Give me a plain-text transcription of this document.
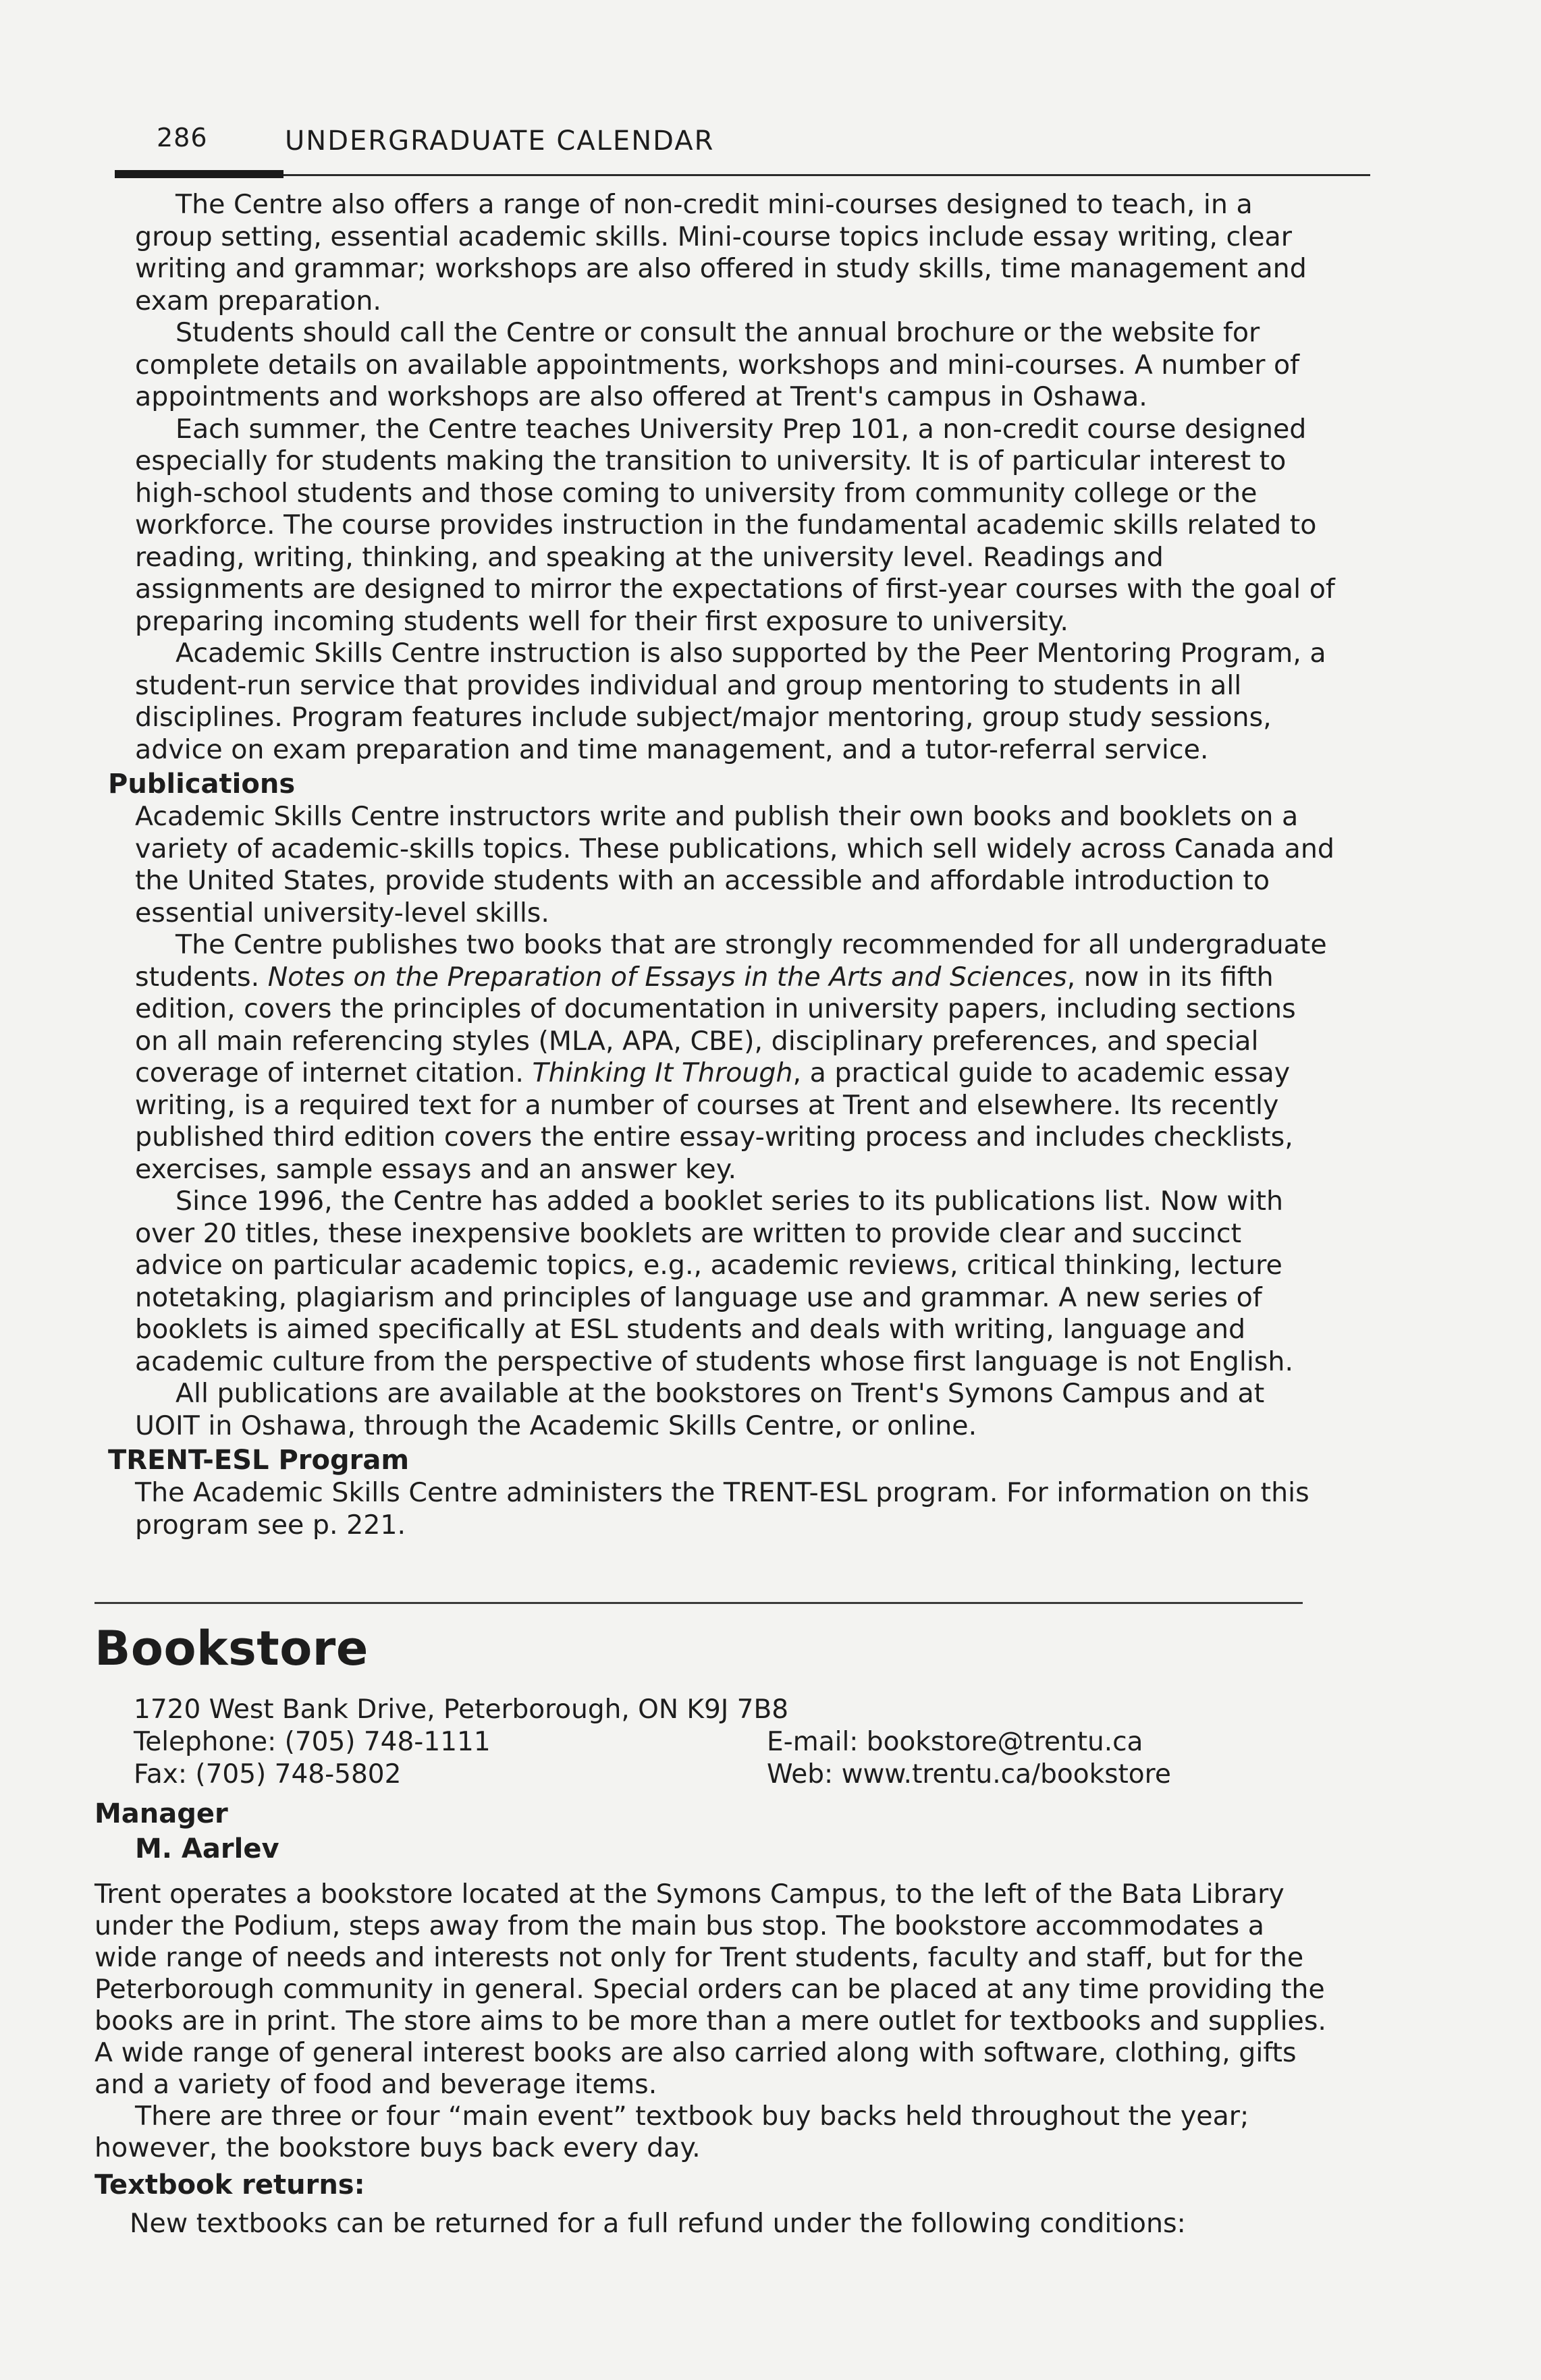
286	UNDERGRADUATE CALENDAR

The Centre also offers a range of non-credit mini-courses designed to teach, in a group setting, essential academic skills. Mini-course topics include essay writing, clear writing and grammar; workshops are also offered in study skills, time management and exam preparation.

Students should call the Centre or consult the annual brochure or the website for complete details on available appointments, workshops and mini-courses. A number of appointments and workshops are also offered at Trent's campus in Oshawa.

Each summer, the Centre teaches University Prep 101, a non-credit course designed especially for students making the transition to university. It is of particular interest to high-school students and those coming to university from community college or the workforce. The course provides instruction in the fundamental academic skills related to reading, writing, thinking, and speaking at the university level. Readings and assignments are designed to mirror the expectations of first-year courses with the goal of preparing incoming students well for their first exposure to university.

Academic Skills Centre instruction is also supported by the Peer Mentoring Program, a student-run service that provides individual and group mentoring to students in all disciplines. Program features include subject/major mentoring, group study sessions, advice on exam preparation and time management, and a tutor-referral service.

Publications

Academic Skills Centre instructors write and publish their own books and booklets on a variety of academic-skills topics. These publications, which sell widely across Canada and the United States, provide students with an accessible and affordable introduction to essential university-level skills.

The Centre publishes two books that are strongly recommended for all undergraduate students. Notes on the Preparation of Essays in the Arts and Sciences, now in its fifth edition, covers the principles of documentation in university papers, including sections on all main referencing styles (MLA, APA, CBE), disciplinary preferences, and special coverage of internet citation. Thinking It Through, a practical guide to academic essay writing, is a required text for a number of courses at Trent and elsewhere. Its recently published third edition covers the entire essay-writing process and includes checklists, exercises, sample essays and an answer key.

Since 1996, the Centre has added a booklet series to its publications list. Now with over 20 titles, these inexpensive booklets are written to provide clear and succinct advice on particular academic topics, e.g., academic reviews, critical thinking, lecture notetaking, plagiarism and principles of language use and grammar. A new series of booklets is aimed specifically at ESL students and deals with writing, language and academic culture from the perspective of students whose first language is not English.

All publications are available at the bookstores on Trent's Symons Campus and at UOIT in Oshawa, through the Academic Skills Centre, or online.

TRENT-ESL Program

The Academic Skills Centre administers the TRENT-ESL program. For information on this program see p. 221.

Bookstore
1720 West Bank Drive, Peterborough, ON K9J 7B8
Telephone: (705) 748-1111
Fax: (705) 748-5802
E-mail: bookstore@trentu.ca
Web: www.trentu.ca/bookstore
Manager
M. Aarlev

Trent operates a bookstore located at the Symons Campus, to the left of the Bata Library under the Podium, steps away from the main bus stop. The bookstore accommodates a wide range of needs and interests not only for Trent students, faculty and staff, but for the Peterborough community in general. Special orders can be placed at any time providing the books are in print. The store aims to be more than a mere outlet for textbooks and supplies. A wide range of general interest books are also carried along with software, clothing, gifts and a variety of food and beverage items.

There are three or four “main event” textbook buy backs held throughout the year; however, the bookstore buys back every day.

Textbook returns:

New textbooks can be returned for a full refund under the following conditions:
